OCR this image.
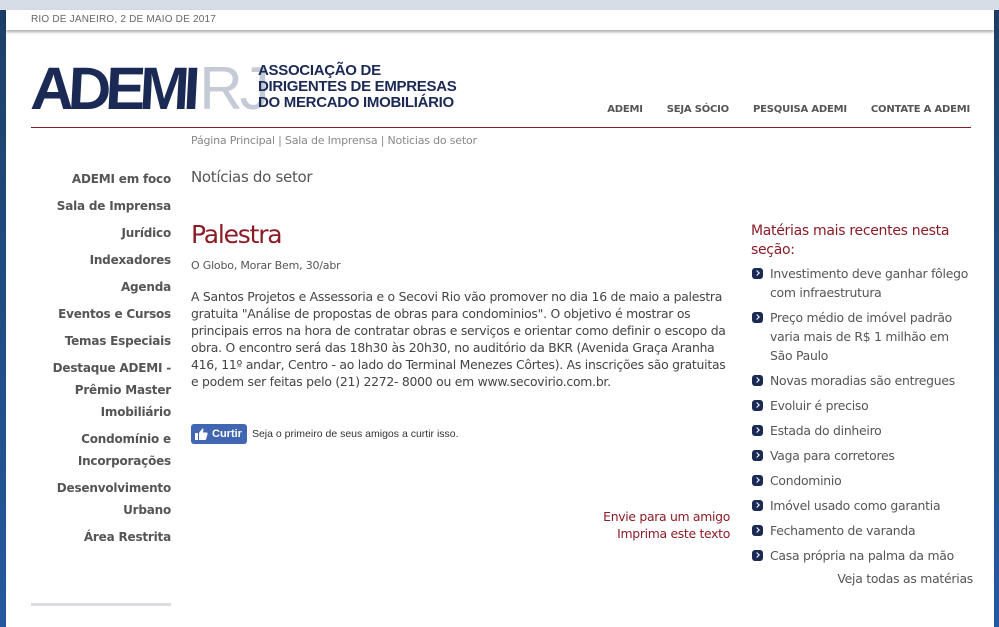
RIO DE JANEIRO, 2 DE MAIO DE 2017
ADEMI RJ
ASSOCIAÇÃO DE
DIRIGENTES DE EMPRESAS
DO MERCADO IMOBILIÁRIO	ADEMI SEJA SÓCIO PESQUISA ADEMI CONTATE A ADEMI
Página Principal | Sala de Imprensa | Noticias do setor
ADEMI em foco
Sala de Imprensa
Jurídico
Indexadores
Agenda
Eventos e Cursos
Temas Especiais
Destaque ADEMI - Prêmio Master Imobiliário
Condomínio e Incorporações
Desenvolvimento Urbano
Área Restrita
Notícias do setor
Palestra
O Globo, Morar Bem, 30/abr

A Santos Projetos e Assessoria e o Secovi Rio vão promover no dia 16 de maio a palestra gratuita "Análise de propostas de obras para condominios". O objetivo é mostrar os principais erros na hora de contratar obras e serviços e orientar como definir o escopo da obra. O encontro será das 18h30 às 20h30, no auditório da BKR (Avenida Graça Aranha 416, 11º andar, Centro - ao lado do Terminal Menezes Côrtes). As inscrições são gratuitas e podem ser feitas pelo (21) 2272- 8000 ou em www.secovirio.com.br.

Curtir Seja o primeiro de seus amigos a curtir isso.
Envie para um amigo
Imprima este texto
Matérias mais recentes nesta seção:
Investimento deve ganhar fôlego com infraestrutura
Preço médio de imóvel padrão varia mais de R$ 1 milhão em São Paulo
Novas moradias são entregues
Evoluir é preciso
Estada do dinheiro
Vaga para corretores
Condominio
Imóvel usado como garantia
Fechamento de varanda
Casa própria na palma da mão
Veja todas as matérias
